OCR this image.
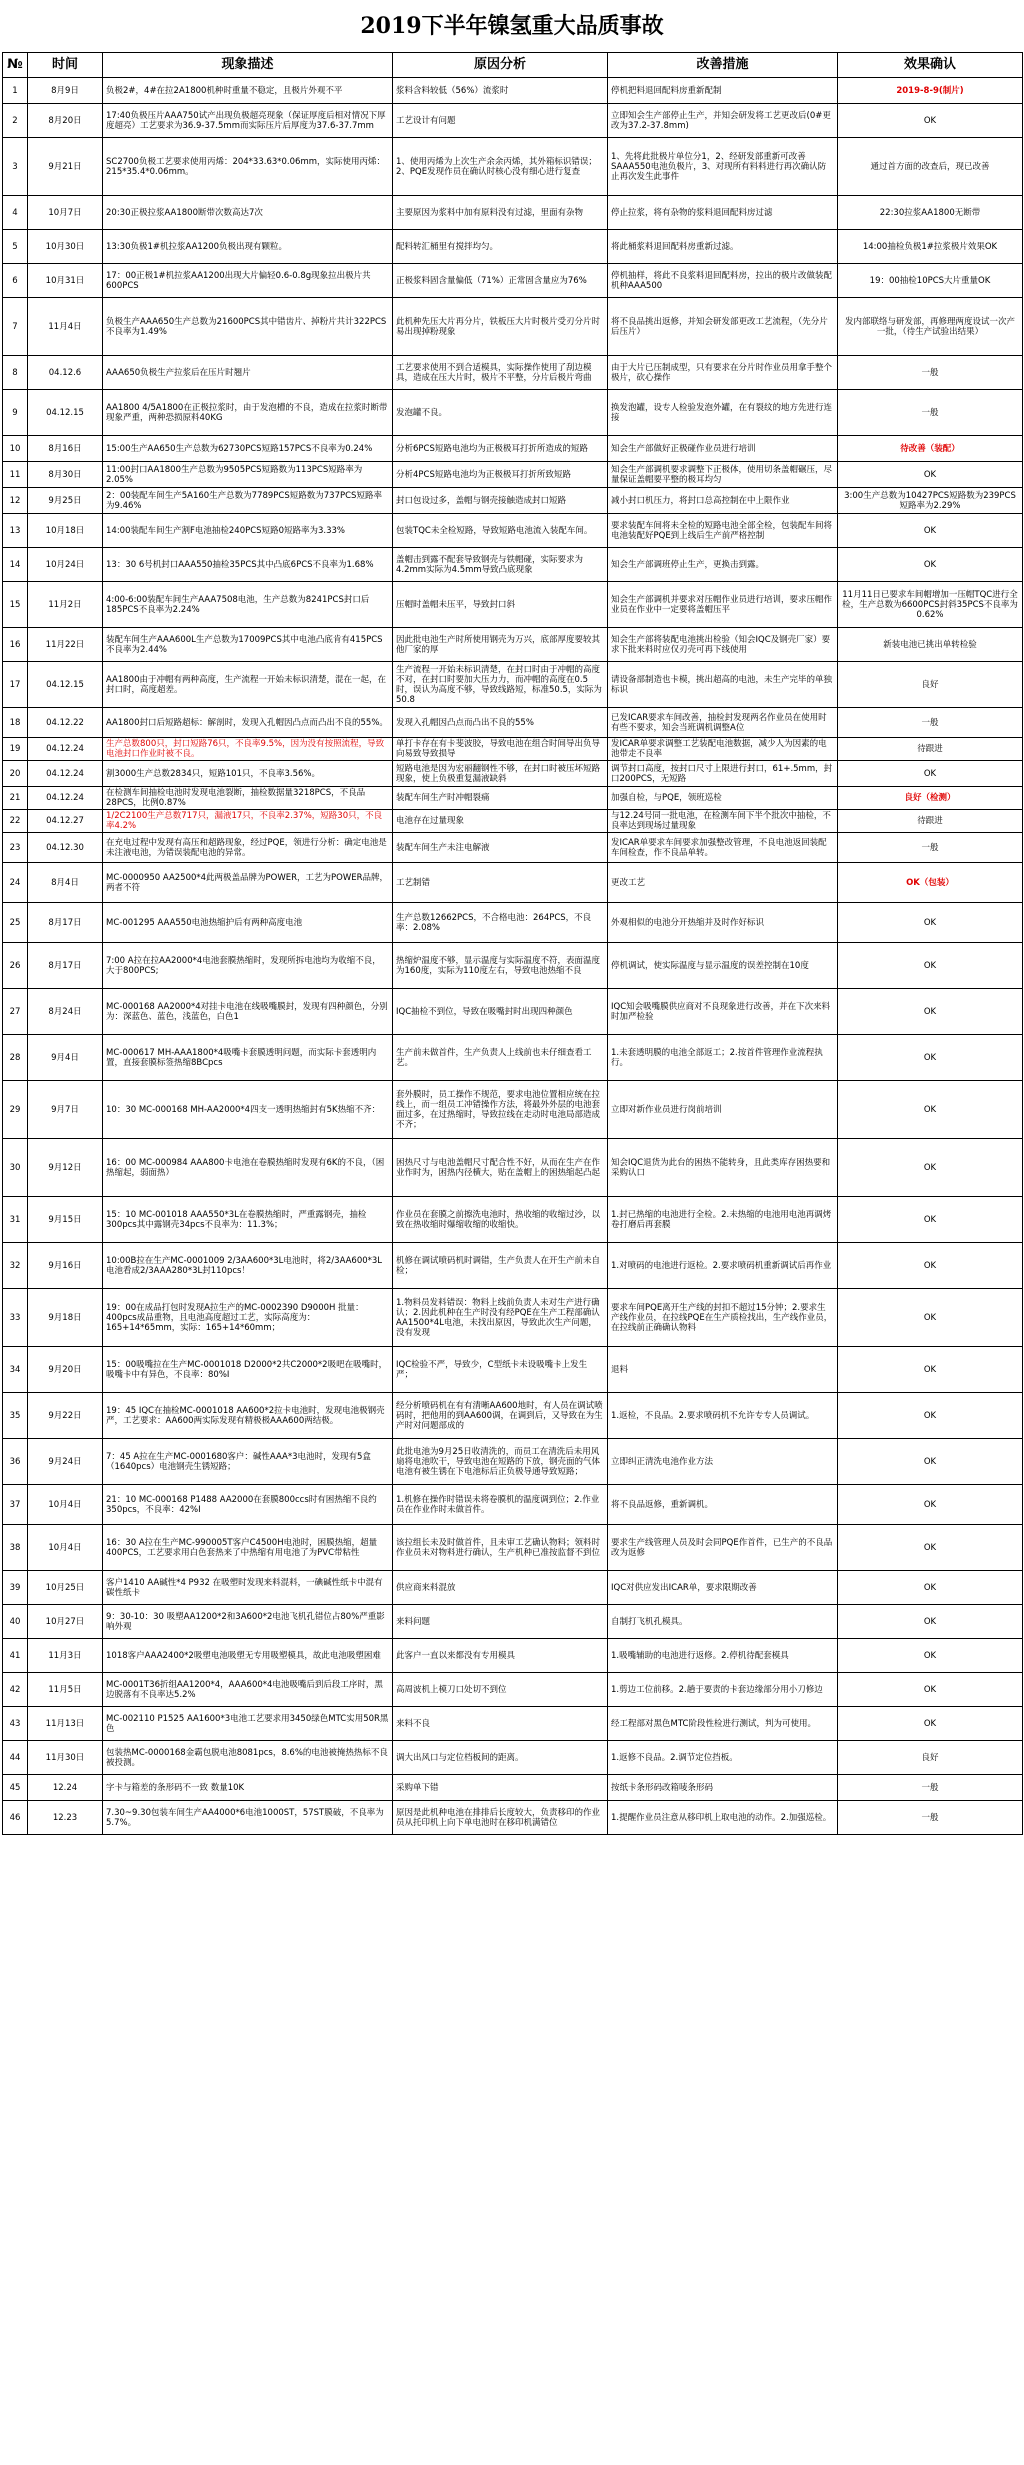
2019下半年镍氢重大品质事故
№	时间	现象描述	原因分析	改善措施	效果确认
1	8月9日	负极2#，4#在拉2A1800机种时重量不稳定，且极片外观不平	浆料含料较低（56%）流浆时	停机把料退回配料房重新配制	2019-8-9(制片)
2	8月20日	17:40负极压片AAA750试产出现负极超亮现象（保证厚度后相对情况下厚度超亮）工艺要求为36.9-37.5mm而实际压片后厚度为37.6-37.7mm	工艺设计有问题	立即知会生产部停止生产，并知会研发将工艺更改后(0#更改为37.2-37.8mm)	OK
3	9月21日	SC2700负极工艺要求使用丙烯：204*33.63*0.06mm，实际使用丙烯：215*35.4*0.06mm。	1、使用丙烯为上次生产余余丙烯，其外箱标识错误；2、PQE发现作员在确认时核心没有细心进行复查	1、先将此批极片单位分1，2、经研发部重新可改善SAAA550电池负极片，3、对现所有料料进行再次确认防止再次发生此事件	通过首方面的改查后，现已改善
4	10月7日	20:30正极拉浆AA1800断带次数高达7次	主要原因为浆料中加有原料没有过滤，里面有杂物	停止拉浆，将有杂物的浆料退回配料房过滤	22:30拉浆AA1800无断带
5	10月30日	13:30负极1#机拉浆AA1200负极出现有颗粒。	配料转汇桶里有搅拌均匀。	将此桶浆料退回配料房重新过滤。	14:00抽检负极1#拉浆极片效果OK
6	10月31日	17：00正极1#机拉浆AA1200出现大片偏轻0.6-0.8g现象拉出极片共600PCS	正极浆料固含量偏低（71%）正常固含量应为76%	停机抽样，将此不良浆料退回配料房，拉出的极片改做装配机种AAA500	19：00抽检10PCS大片重量OK
7	11月4日	负极生产AAA650生产总数为21600PCS其中错齿片、掉粉片共计322PCS不良率为1.49%	此机种先压大片再分片，铁板压大片时极片受刃分片时易出现掉粉现象	将不良品挑出返修，并知会研发部更改工艺流程，（先分片后压片）	发内部联络与研发部，再修理两度设试一次产一批，（待生产试验出结果）
8	04.12.6	AAA650负极生产拉浆后在压片时翘片	工艺要求使用不到合适模具，实际操作使用了刮边模具，造成在压大片时，极片不平整，分片后极片弯曲	由于大片已压制成型，只有要求在分片时作业员用拿手整个极片，砍心操作	一般
9	04.12.15	AA1800 4/5A1800在正极拉浆时，由于发泡槽的不良，造成在拉浆时断带现象严重，两种恐损原料40KG	发泡罐不良。	换发泡罐，设专人检验发泡外罐，在有裂纹的地方先进行连接	一般
10	8月16日	15:00生产AA650生产总数为62730PCS短路157PCS不良率为0.24%	分析6PCS短路电池均为正极极耳打折所造成的短路	知会生产部做好正极碰作业员进行培训	待改善（装配）
11	8月30日	11:00封口AA1800生产总数为9505PCS短路数为113PCS短路率为2.05%	分析4PCS短路电池均为正极极耳打折所致短路	知会生产部调机要求调整下正极体，使用切条盖帽碾压，尽量保证盖帽要平整的极耳均匀	OK
12	9月25日	2：00装配车间生产5A160生产总数为7789PCS短路数为737PCS短路率为9.46%	封口包设过多，盖帽与钢壳接触造成封口短路	减小封口机压力，将封口总高控制在中上限作业	3:00生产总数为10427PCS短路数为239PCS短路率为2.29%
13	10月18日	14:00装配车间生产割F电池抽检240PCS短路0短路率为3.33%	包装TQC未全检短路，导致短路电池流入装配车间。	要求装配车间将未全检的短路电池全部全检，包装配车间将电池装配好PQE到上线后生产前严格控制	OK
14	10月24日	13：30 6号机封口AAA550抽检35PCS其中凸底6PCS不良率为1.68%	盖帽击到露不配套导致钢壳与铁帽碰，实际要求为4.2mm实际为4.5mm导致凸底现象	知会生产部调班停止生产，更换击到露。	OK
15	11月2日	4:00-6:00装配车间生产AAA7508电池，生产总数为8241PCS封口后185PCS不良率为2.24%	压帽时盖帽未压平，导致封口斜	知会生产部调机并要求对压帽作业员进行培训，要求压帽作业员在作业中一定要将盖帽压平	11月11日已要求车间帽增加一压帽TQC进行全检，生产总数为6600PCS封斜35PCS不良率为0.62%
16	11月22日	装配车间生产AAA600L生产总数为17009PCS其中电池凸底肯有415PCS不良率为2.44%	因此批电池生产时所使用钢壳为万兴，底部厚度要较其他厂家的厚	知会生产部将装配电池挑出检验（知会IQC及钢壳厂家）要求下批来料时应仅刃壳可再下线使用	新装电池已挑出单转检验
17	04.12.15	AA1800由于冲帽有两种高度，生产流程一开始未标识清楚，混在一起，在封口时，高度超差。	生产流程一开始未标识清楚，在封口时由于冲帽的高度不对，在封口时要加大压力力，而冲帽的高度在0.5时，误认为高度不够，导致线路短，标准50.5，实际为50.8	请设备部制造也卡模，挑出超高的电池，未生产完毕的单独标识	良好
18	04.12.22	AA1800封口后短路超标：解剖时，发现入孔帽因凸点而凸出不良的55%。	发现入孔帽因凸点而凸出不良的55%	已发ICAR要求车间改善，抽检封发现两名作业员在使用时有些不要求，知会当班调机调整A位	一般
19	04.12.24	生产总数800只，封口短路76只，不良率9.5%，因为没有按照流程，导致电池封口作业时被不良。	单打卡存在有卡斐波胶，导致电池在组合时间导出负导向易致导致损导	发ICAR单要求调整工艺装配电池数据，减少人为因素的电池带走不良率	待跟进
20	04.12.24	割3000生产总数2834只，短路101只，不良率3.56%。	短路电池是因为宏丽翻钢性不够，在封口时被压坏短路现象，使上负极重复漏液缺斜	调节封口高度，按封口尺寸上限进行封口，61+.5mm，封口200PCS，无短路	OK
21	04.12.24	在检测车间抽检电池时发现电池裂断，抽检数据量3218PCS，不良品28PCS，比例0.87%	装配车间生产时冲帽裂痛	加强自检，与PQE，领班巡检	良好（检测）
22	04.12.27	1/2C2100生产总数717只，漏液17只，不良率2.37%，短路30只，不良率4.2%	电池存在过量现象	与12.24号同一批电池，在检测车间下半个批次中抽检，不良率达到现场过量现象	待跟进
23	04.12.30	在充电过程中发现有高压和超路现象，经过PQE，领进行分析：确定电池是未注液电池，为错误装配电池的异常。	装配车间生产未注电解液	发ICAR单要求车间要求加强整改管理，不良电池返回装配车间检查，作不良品单转。	一般
24	8月4日	MC-0000950 AA2500*4此两极盖品牌为POWER，工艺为POWER品牌，两者不符	工艺制错	更改工艺	OK（包装）
25	8月17日	MC-001295 AAA550电池热缩护后有两种高度电池	生产总数12662PCS，不合格电池：264PCS，不良率：2.08%	外观相似的电池分开热缩并及时作好标识	OK
26	8月17日	7:00 A拉在拉AA2000*4电池套膜热缩时，发现所拆电池均为收缩不良，大于800PCS;	热缩炉温度不够，显示温度与实际温度不符，表面温度为160度，实际为110度左右，导致电池热缩不良	停机调试，使实际温度与显示温度的误差控制在10度	OK
27	8月24日	MC-000168 AA2000*4对挂卡电池在线吸嘴膜封，发现有四种颜色，分别为：深蓝色、蓝色，浅蓝色，白色1	IQC抽检不到位，导致在吸嘴封时出现四种颜色	IQC知会吸嘴膜供应商对不良现象进行改善，并在下次来料时加严检验	OK
28	9月4日	MC-000617 MH-AAA1800*4吸嘴卡套膜透明问题，而实际卡套透明内置，直接套膜标签热缩8BCpcs	生产前未做首件，生产负责人上线前也未仔细查看工艺。	1.未套透明膜的电池全部返工；2.按首件管理作业流程执行。	OK
29	9月7日	10：30 MC-000168 MH-AA2000*4四支一透明热缩封有5K热缩不齐：	套外膜时，员工操作不规范，要求电池位置相应统在拉线上，而一组员工冲错操作方法，将最外外层的电池套面过多，在过热缩时，导致拉线在走动时电池局部造成不齐；	立即对新作业员进行岗前培训	OK
30	9月12日	16：00 MC-000984 AAA800卡电池在卷膜热缩时发现有6K的不良，（困热缩起，弱面热）	困热尺寸与电池盖帽尺寸配合性不好，从而在生产在作业作时为，困热内径横大，贴在盖帽上的困热缩起凸起	知会IQC退货为此台的困热不能转身，且此类库存困热要和采购认口	OK
31	9月15日	15：10 MC-001018 AAA550*3L在卷膜热缩时，严重露钢壳，抽检300pcs其中露钢壳34pcs不良率为：11.3%；	作业员在套膜之前擦洗电池时，热收缩的收缩过沙，以致在热收缩时爆缩收缩的收缩快。	1.封已热缩的电池进行全检。2.未热缩的电池用电池再调烤卷打磨后再套膜	OK
32	9月16日	10:00B拉在生产MC-0001009 2/3AA600*3L电池时，将2/3AA600*3L电池看成2/3AAA280*3L封110pcs！	机修在调试喷码机时调错，生产负责人在开生产前未自检；	1.对喷码的电池进行返检。2.要求喷码机重新调试后再作业	OK
33	9月18日	19：00在成品打包时发现A拉生产的MC-0002390 D9000H 批量：400pcs成品重物，且电池高度超过工艺，实际高度为：165+14*65mm，实际：165+14*60mm；	1.物料员发料错误：物料上线前负责人未对生产进行确认；2.因此机种在生产时没有经PQE在生产工程部确认AA1500*4L电池，未找出原因，导致此次生产问题，没有发现	要求车间PQE离开生产线的封扣不超过15分钟；2.要求生产线作业员，在拉线PQE在生产质检找出，生产线作业员，在拉线前正确确认物料	OK
34	9月20日	15：00吸嘴拉在生产MC-0001018 D2000*2共C2000*2吸吧在吸嘴时，吸嘴卡中有异色，不良率：80%I	IQC检验不严，导致少，C型纸卡未设吸嘴卡上发生严；	退料	OK
35	9月22日	19：45 IQC在抽检MC-0001018 AA600*2拉卡电池时，发现电池极钢壳严，工艺要求：AA600两实际发现有精极极AAA600两结极。	经分析喷码机在有有清晰AA600地时，有人员在调试喷码时，把他用的到AA600调，在调到后，又导致在为生产时对问题部成的	1.返检，不良品。2.要求喷码机不允许专专人员调试。	OK
36	9月24日	7：45 A拉在生产MC-0001680客户：碱性AAA*3电池时，发现有5盒（1640pcs）电池钢壳生锈短路；	此批电池为9月25日收清洗的，而员工在清洗后未用风扇将电池吹干，导致电池在短路的下放，钢壳面的气体电池有被生锈在下电池标后正负极导通导致短路；	立即纠正清洗电池作业方法	OK
37	10月4日	21：10 MC-000168 P1488 AA2000在套膜800ccs时有困热缩不良约350pcs，不良率：42%I	1.机修在操作时错误未将卷膜机的温度调到位；2.作业员在作业作时未做首件。	将不良品返修，重新调机。	OK
38	10月4日	16：30 A拉在生产MC-990005T客户C4500H电池时，困膜热缩，超量400PCS，工艺要求用白色套热来了中热缩有用电池了为PVC带粘性	该拉组长未及时做首件，且未审工艺确认物料；领料时作业员未对物料进行确认，生产机种已准按监督不到位	要求生产线管理人员及时会同PQE作首件，已生产的不良品改为返修	OK
39	10月25日	客户1410 AA碱性*4 P932 在吸塑时发现来料混料，一碘碱性纸卡中混有碳性纸卡	供应商来料混放	IQC对供应发出ICAR单，要求限期改善	OK
40	10月27日	9：30-10：30 吸塑AA1200*2和3A600*2电池飞机孔错位占80%严重影响外观	来料问题	自制打飞机孔模具。	OK
41	11月3日	1018客户AAA2400*2吸塑电池吸塑无专用吸塑模具，故此电池吸塑困难	此客户一直以来都没有专用模具	1.吸嘴辅助的电池进行返修。2.停机待配套模具	OK
42	11月5日	MC-0001T36折组AA1200*4，AAA600*4电池吸嘴后到后段工序时，黑边脱落有不良率达5.2%	高周波机上模刀口处切不到位	1.剪边工位前移。2.趟于要责的卡套边缘部分用小刀修边	OK
43	11月13日	MC-002110 P1525 AA1600*3电池工艺要求用3450绿色MTC实用50R黑色	来料不良	经工程部对黑色MTC阶段性检进行测试，判为可使用。	OK
44	11月30日	包装热MC-0000168金霸包脱电池8081pcs，8.6%的电池被掩热热标不良被投测。	调大出风口与定位档板间的距离。	1.返修不良品。2.调节定位挡板。	良好
45	12.24	字卡与箱差的条形码不一致 数量10K	采购单下错	按纸卡条形码改箱唛条形码	一般
46	12.23	7.30~9.30包装车间生产AA4000*6电池1000ST，57ST膜破，不良率为5.7%。	原因是此机种电池在排排后长度较大，负责移印的作业员从托印机上向下单电池时在移印机满错位	1.提醒作业员注意从移印机上取电池的动作。2.加强巡检。	一般
